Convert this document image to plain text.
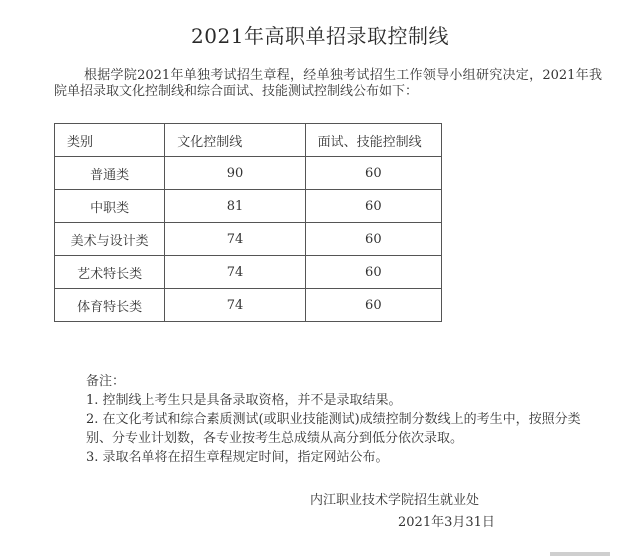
2021年高职单招录取控制线
根据学院2021年单独考试招生章程，经单独考试招生工作领导小组研究决定，2021年我院单招录取文化控制线和综合面试、技能测试控制线公布如下：
类别	文化控制线	面试、技能控制线
普通类	90	60
中职类	81	60
美术与设计类	74	60
艺术特长类	74	60
体育特长类	74	60
备注：
1. 控制线上考生只是具备录取资格，并不是录取结果。
2. 在文化考试和综合素质测试(或职业技能测试)成绩控制分数线上的考生中，按照分类别、分专业计划数，各专业按考生总成绩从高分到低分依次录取。
3. 录取名单将在招生章程规定时间，指定网站公布。
内江职业技术学院招生就业处
2021年3月31日
